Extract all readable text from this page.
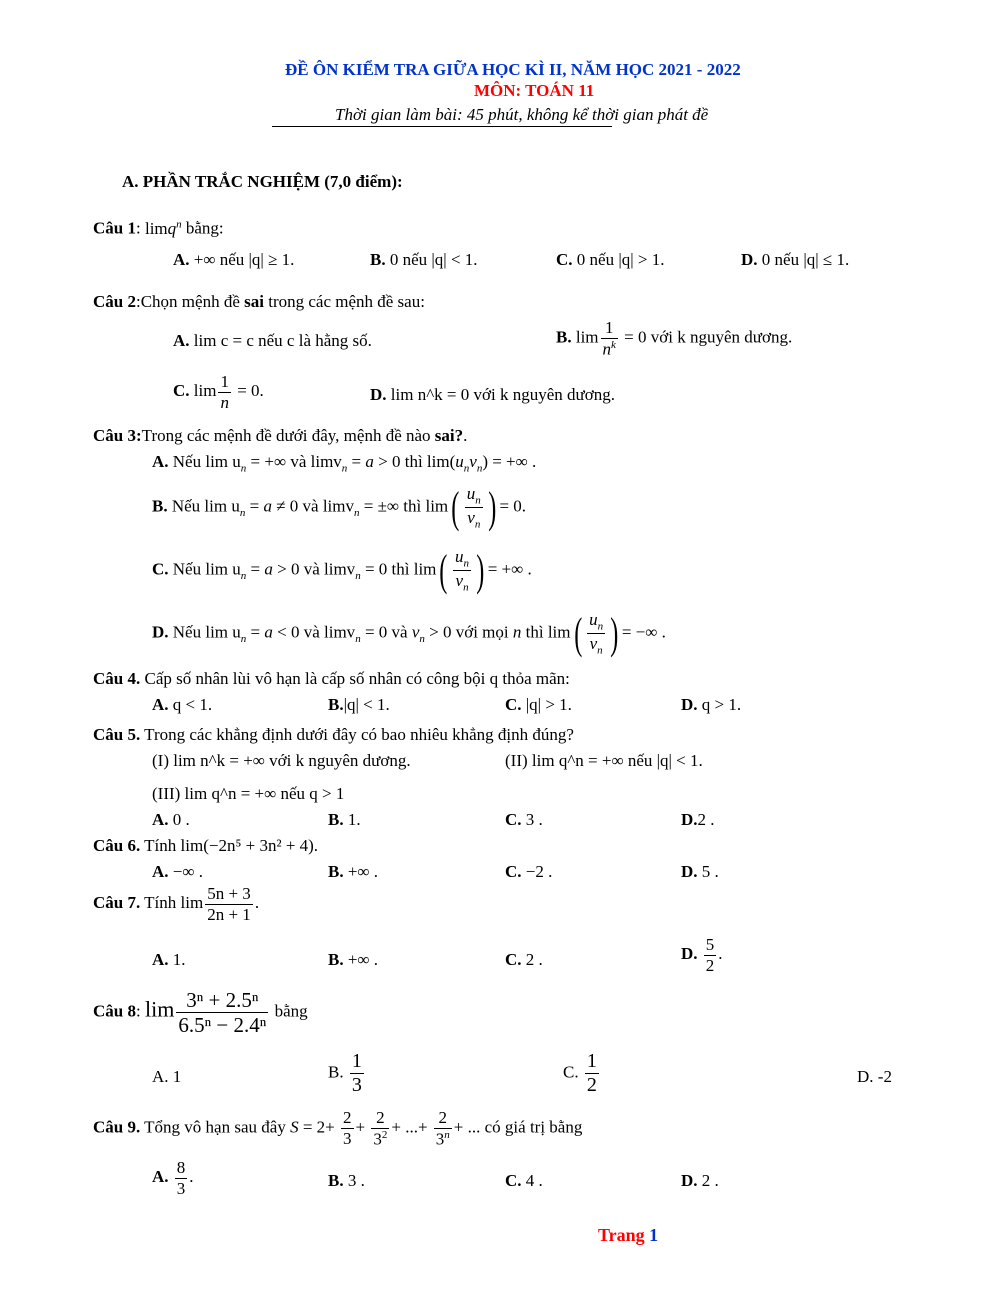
ĐỀ ÔN KIỂM TRA GIỮA HỌC KÌ II, NĂM HỌC 2021 - 2022
MÔN: TOÁN 11
Thời gian làm bài: 45 phút, không kể thời gian phát đề
A. PHẦN TRẮC NGHIỆM (7,0 điểm):
Câu 1: limq$^n$ bằng:
A. +∞ nếu |q| ≥ 1.	B. 0 nếu |q| < 1.	C. 0 nếu |q| > 1.	D. 0 nếu |q| ≤ 1.
Câu 2:Chọn mệnh đề sai trong các mệnh đề sau:
A. lim c = c nếu c là hằng số.	B. $\lim \frac{1}{n^k} = 0$ với k nguyên dương.
C. $\lim \frac{1}{n} = 0$.	D. lim n^k = 0 với k nguyên dương.
Câu 3:Trong các mệnh đề dưới đây, mệnh đề nào sai?.
A. Nếu $\lim u_n$ = +∞ và limv$_n$ = a > 0 thì $\lim(u_nv_n)$ = +∞ .
B. Nếu $\lim u_n = a \ne 0$ và limv$_n$ = ±∞ thì $\lim( \frac{u_n}{v_n}$ ) = 0.
C. Nếu $\lim u_n = a > 0$ và limv$_n$ = 0 thì $\lim( \frac{u_n}{v_n}$ ) = +∞ .
D. Nếu $\lim u_n = a < 0$ và limv$_n$ = 0 và $v_n > 0$ với mọi n thì $\lim( \frac{u_n}{v_n}$ ) = −∞ .
Câu 4. Cấp số nhân lùi vô hạn là cấp số nhân có công bội q thỏa mãn:
A. q < 1.	B.|q| < 1.	C. |q| > 1.	D. q > 1.
Câu 5. Trong các khẳng định dưới đây có bao nhiêu khẳng định đúng?
(I) lim n^k = +∞ với k nguyên dương.	(II) lim q^n = +∞ nếu |q| < 1.
(III) lim q^n = +∞ nếu q > 1
A. 0 .	B. 1.	C. 3 .	D.2 .
Câu 6. Tính lim(−2n⁵ + 3n² + 4).
A. −∞ .	B. +∞ .	C. −2 .	D. 5 .
Câu 7. Tính $\lim \frac{5n + 3}{2n + 1}$ .
A. 1.	B. +∞ .	C. 2 .	D. $\frac{5}{2}$ .
Câu 8: $\lim \frac{\text{3ⁿ + 2.5ⁿ}}{\text{6.5ⁿ − 2.4ⁿ}}$ bằng
A. 1	B. $\frac{1}{3}$	C. $\frac{1}{2}$	D. -2
Câu 9. Tổng vô hạn sau đây $S = 2+ \frac{2}{3} + \frac{2}{3^2}$ + ...+ $\frac{2}{3^n}$ + ... có giá trị bằng
A. $\frac{8}{3}$ .	B. 3 .	C. 4 .	D. 2 .
Trang 1
